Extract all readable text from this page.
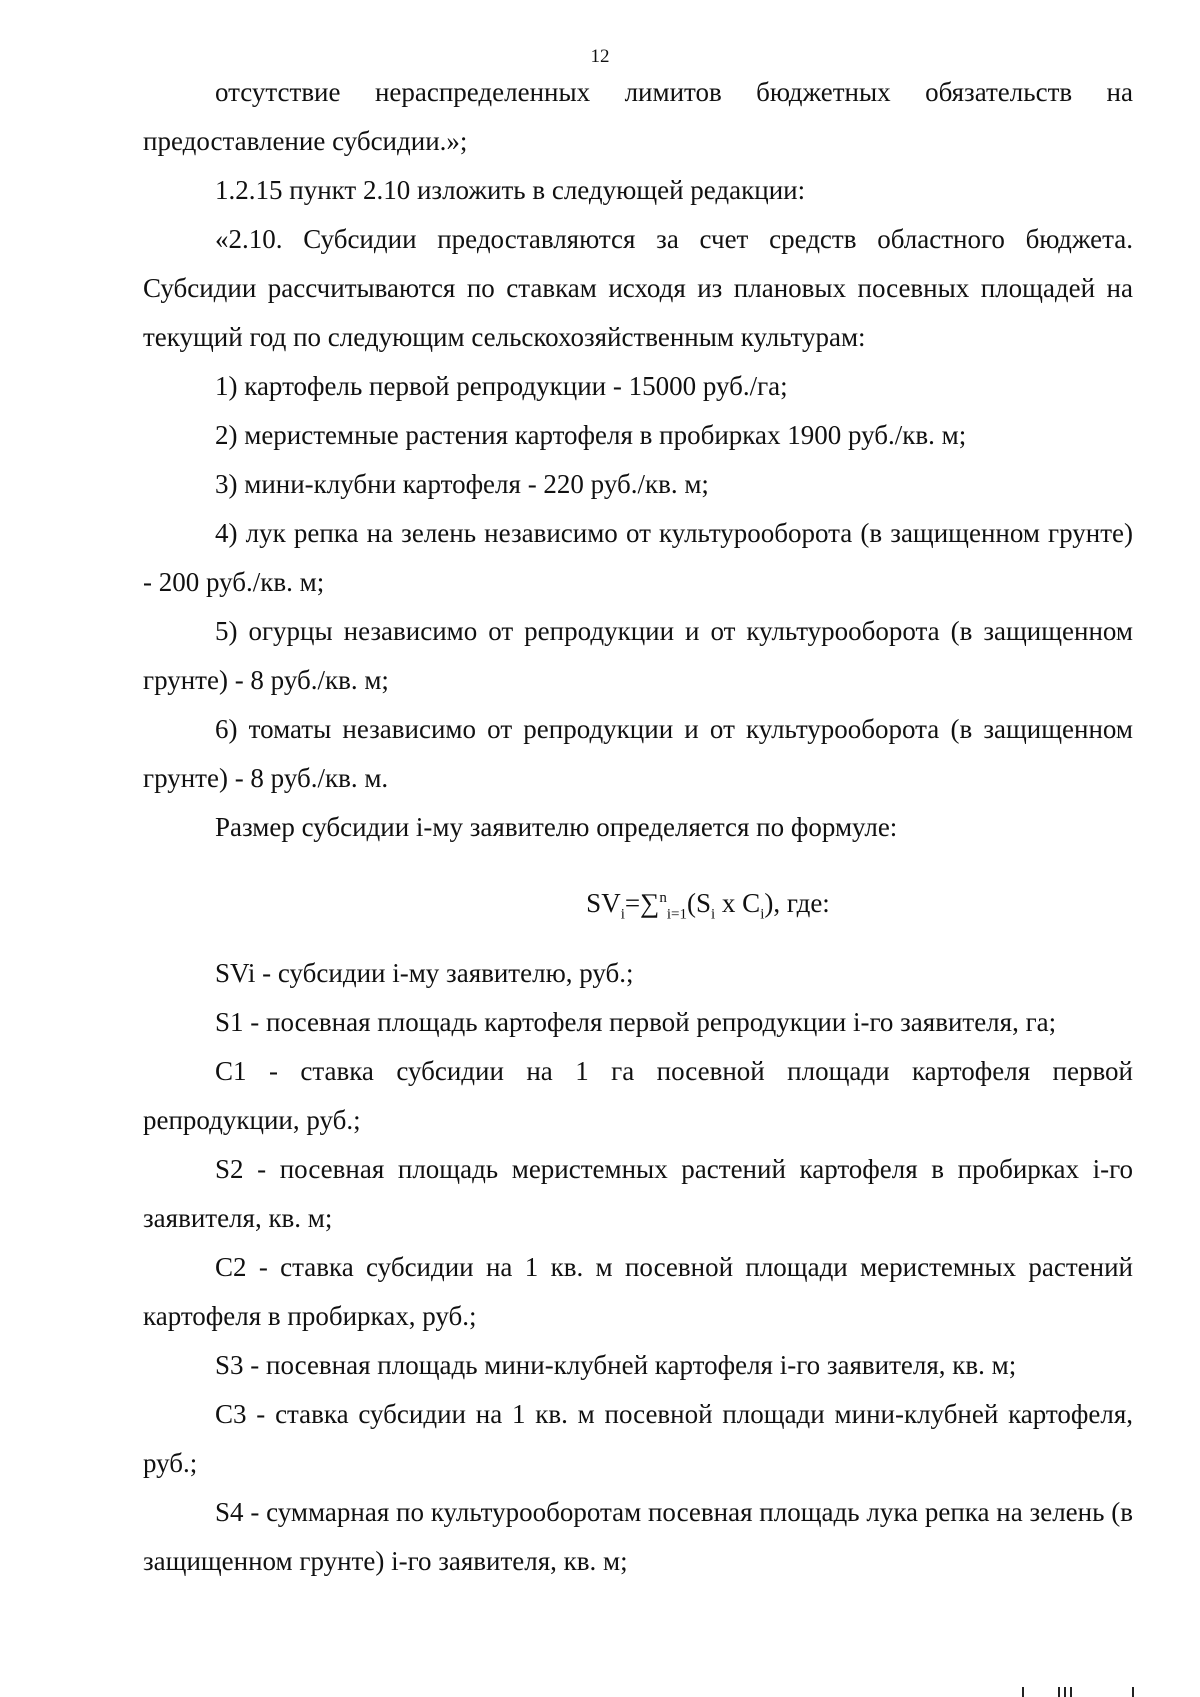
12

отсутствие нераспределенных лимитов бюджетных обязательств на предоставление субсидии.»;

1.2.15 пункт 2.10 изложить в следующей редакции:

«2.10. Субсидии предоставляются за счет средств областного бюджета. Субсидии рассчитываются по ставкам исходя из плановых посевных площадей на текущий год по следующим сельскохозяйственным культурам:

1) картофель первой репродукции - 15000 руб./га;

2) меристемные растения картофеля в пробирках 1900 руб./кв. м;

3) мини-клубни картофеля - 220 руб./кв. м;

4) лук репка на зелень независимо от культурооборота (в защищенном грунте) - 200 руб./кв. м;

5) огурцы независимо от репродукции и от культурооборота (в защищенном грунте) - 8 руб./кв. м;

6) томаты независимо от репродукции и от культурооборота (в защищенном грунте) - 8 руб./кв. м.

Размер субсидии i-му заявителю определяется по формуле:

$SV_i=\sum^n_{i=1}(S_i$ x $C_i$), где:

SVi - субсидии i-му заявителю, руб.;

S1 - посевная площадь картофеля первой репродукции i-го заявителя, га;

C1 - ставка субсидии на 1 га посевной площади картофеля первой репродукции, руб.;

S2 - посевная площадь меристемных растений картофеля в пробирках i-го заявителя, кв. м;

C2 - ставка субсидии на 1 кв. м посевной площади меристемных растений картофеля в пробирках, руб.;

S3 - посевная площадь мини-клубней картофеля i-го заявителя, кв. м;

C3 - ставка субсидии на 1 кв. м посевной площади мини-клубней картофеля, руб.;

S4 - суммарная по культурооборотам посевная площадь лука репка на зелень (в защищенном грунте) i-го заявителя, кв. м;
